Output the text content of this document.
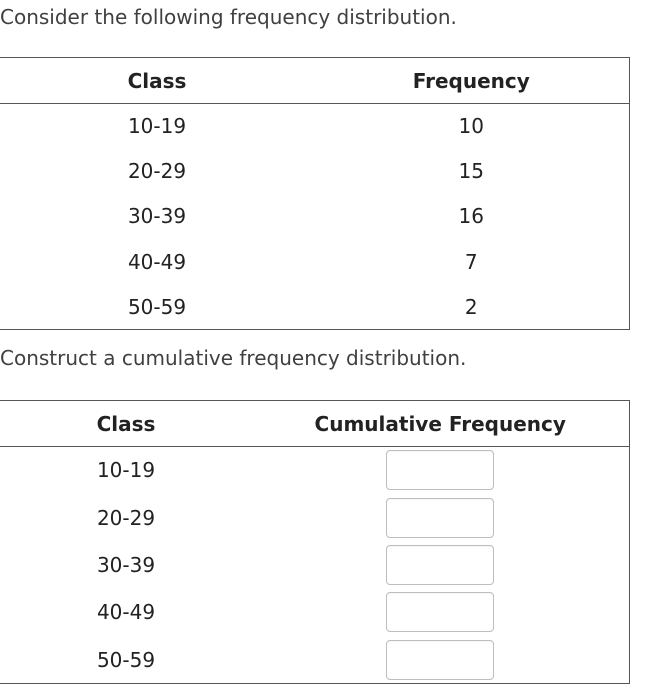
Consider the following frequency distribution.

Class	Frequency
10-19	10
20-29	15
30-39	16
40-49	7
50-59	2

Construct a cumulative frequency distribution.

Class	Cumulative Frequency
10-19	
20-29	
30-39	
40-49	
50-59	
